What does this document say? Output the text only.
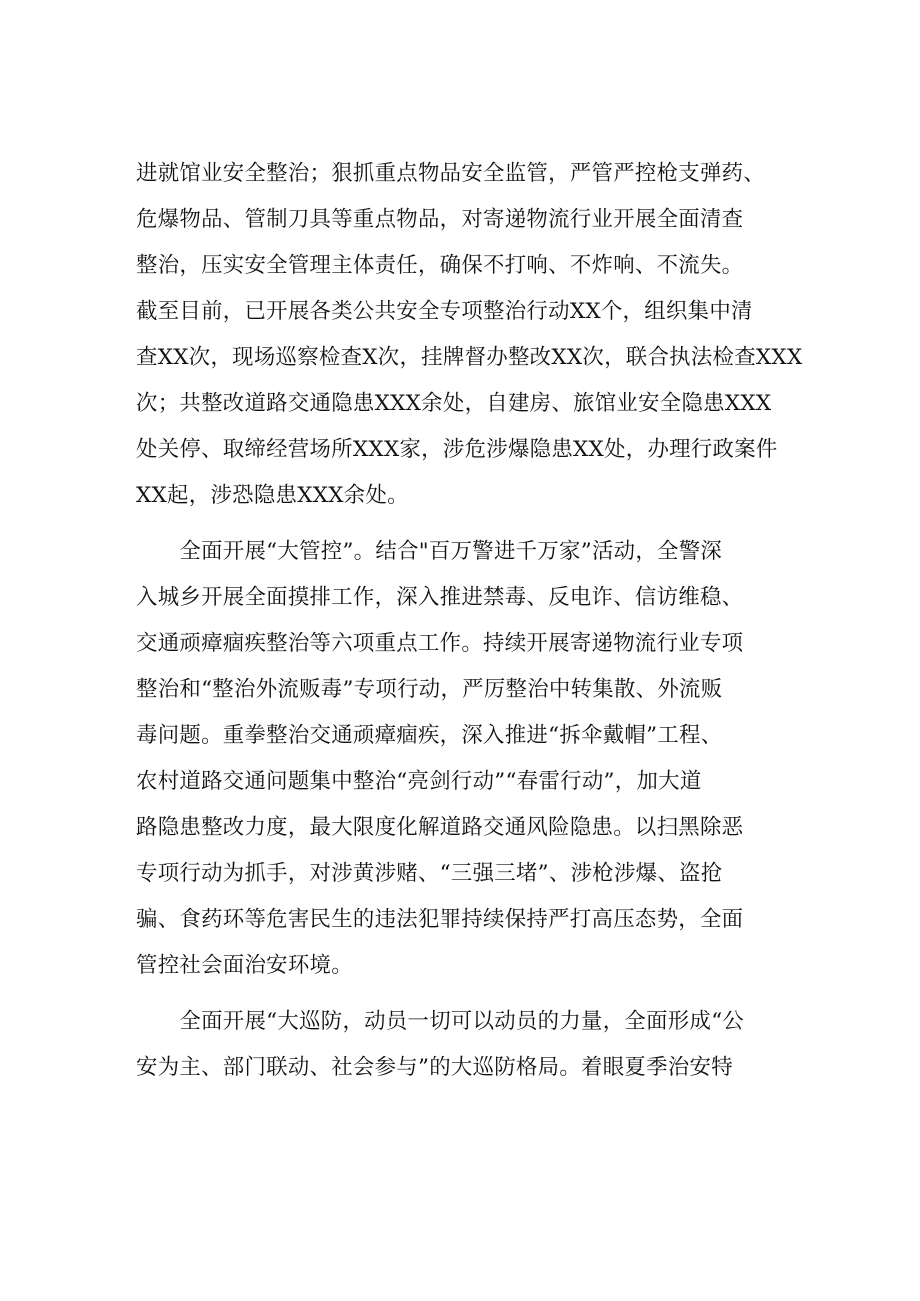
进就馆业安全整治；狠抓重点物品安全监管，严管严控枪支弹药、
危爆物品、管制刀具等重点物品，对寄递物流行业开展全面清查
整治，压实安全管理主体责任，确保不打响、不炸响、不流失。
截至目前，已开展各类公共安全专项整治行动XX个，组织集中清
查XX次，现场巡察检查X次，挂牌督办整改XX次，联合执法检查XXX
次；共整改道路交通隐患XXX余处，自建房、旅馆业安全隐患XXX
处关停、取缔经营场所XXX家，涉危涉爆隐患XX处，办理行政案件
XX起，涉恐隐患XXX余处。
　　全面开展“大管控”。结合"百万警进千万家”活动，全警深
入城乡开展全面摸排工作，深入推进禁毒、反电诈、信访维稳、
交通顽瘴痼疾整治等六项重点工作。持续开展寄递物流行业专项
整治和“整治外流贩毒”专项行动，严厉整治中转集散、外流贩
毒问题。重拳整治交通顽瘴痼疾，深入推进“拆伞戴帽”工程、
农村道路交通问题集中整治“亮剑行动”“春雷行动”，加大道
路隐患整改力度，最大限度化解道路交通风险隐患。以扫黑除恶
专项行动为抓手，对涉黄涉赌、“三强三堵”、涉枪涉爆、盗抢
骗、食药环等危害民生的违法犯罪持续保持严打高压态势，全面
管控社会面治安环境。
　　全面开展“大巡防，动员一切可以动员的力量，全面形成“公
安为主、部门联动、社会参与”的大巡防格局。着眼夏季治安特
